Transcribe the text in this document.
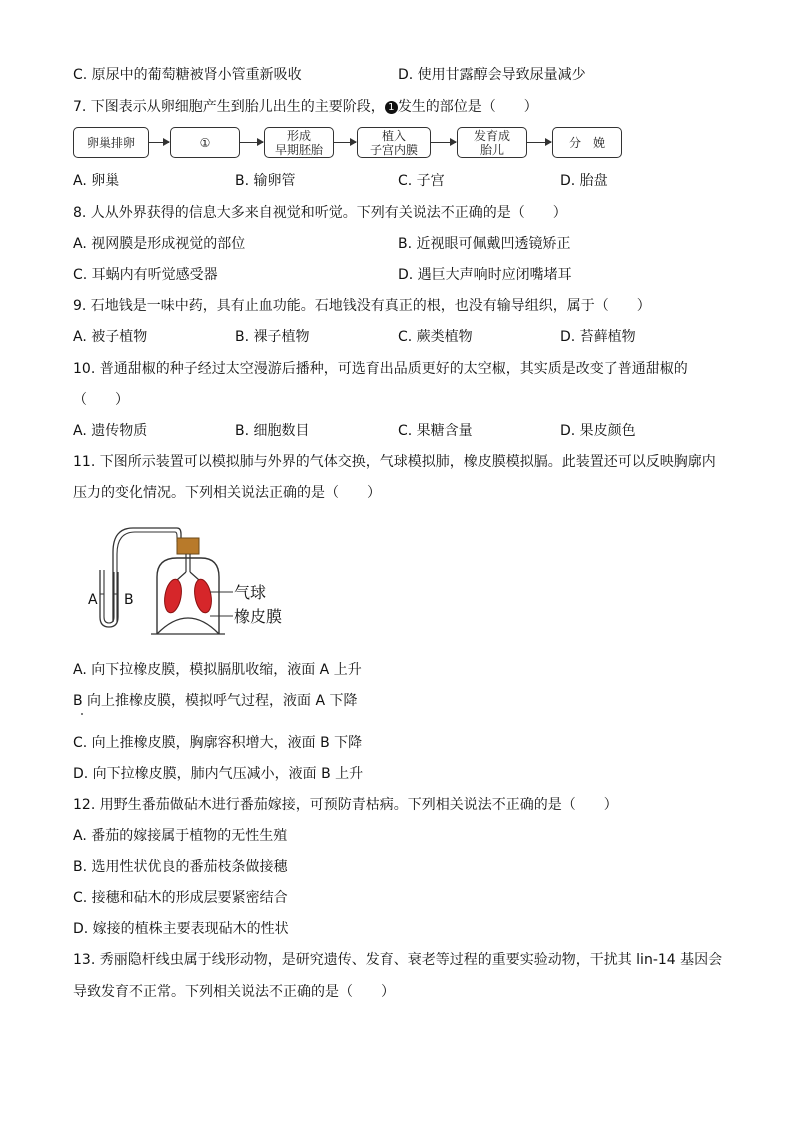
C. 原尿中的葡萄糖被肾小管重新吸收	D. 使用甘露醇会导致尿量减少
7. 下图表示从卵细胞产生到胎儿出生的主要阶段， 1 发生的部位是（　　）
卵巢排卵	①	形成
早期胚胎
植入
子宫内膜
发育成
胎儿	分　娩
A. 卵巢	B. 输卵管	C. 子宫	D. 胎盘
8. 人从外界获得的信息大多来自视觉和听觉。下列有关说法不正确的是（　　）
A. 视网膜是形成视觉的部位	B. 近视眼可佩戴凹透镜矫正
C. 耳蜗内有听觉感受器	D. 遇巨大声响时应闭嘴堵耳
9. 石地钱是一味中药，具有止血功能。石地钱没有真正的根，也没有输导组织，属于（　　）
A. 被子植物	B. 裸子植物	C. 蕨类植物	D. 苔藓植物
10. 普通甜椒的种子经过太空漫游后播种，可选育出品质更好的太空椒，其实质是改变了普通甜椒的
（　　）
A. 遗传物质	B. 细胞数目	C. 果糖含量	D. 果皮颜色
11. 下图所示装置可以模拟肺与外界的气体交换，气球模拟肺，橡皮膜模拟膈。此装置还可以反映胸廓内
压力的变化情况。下列相关说法正确的是（　　）
气球
橡皮膜
A B
A. 向下拉橡皮膜，模拟膈肌收缩，液面 A 上升
B 向上推橡皮膜，模拟呼气过程，液面 A 下降
C. 向上推橡皮膜，胸廓容积增大，液面 B 下降
D. 向下拉橡皮膜，肺内气压减小，液面 B 上升
12. 用野生番茄做砧木进行番茄嫁接，可预防青枯病。下列相关说法不正确的是（　　）
A. 番茄的嫁接属于植物的无性生殖
B. 选用性状优良的番茄枝条做接穗
C. 接穗和砧木的形成层要紧密结合
D. 嫁接的植株主要表现砧木的性状
13. 秀丽隐杆线虫属于线形动物，是研究遗传、发育、衰老等过程的重要实验动物，干扰其 lin-14 基因会
导致发育不正常。下列相关说法不正确的是（　　）
